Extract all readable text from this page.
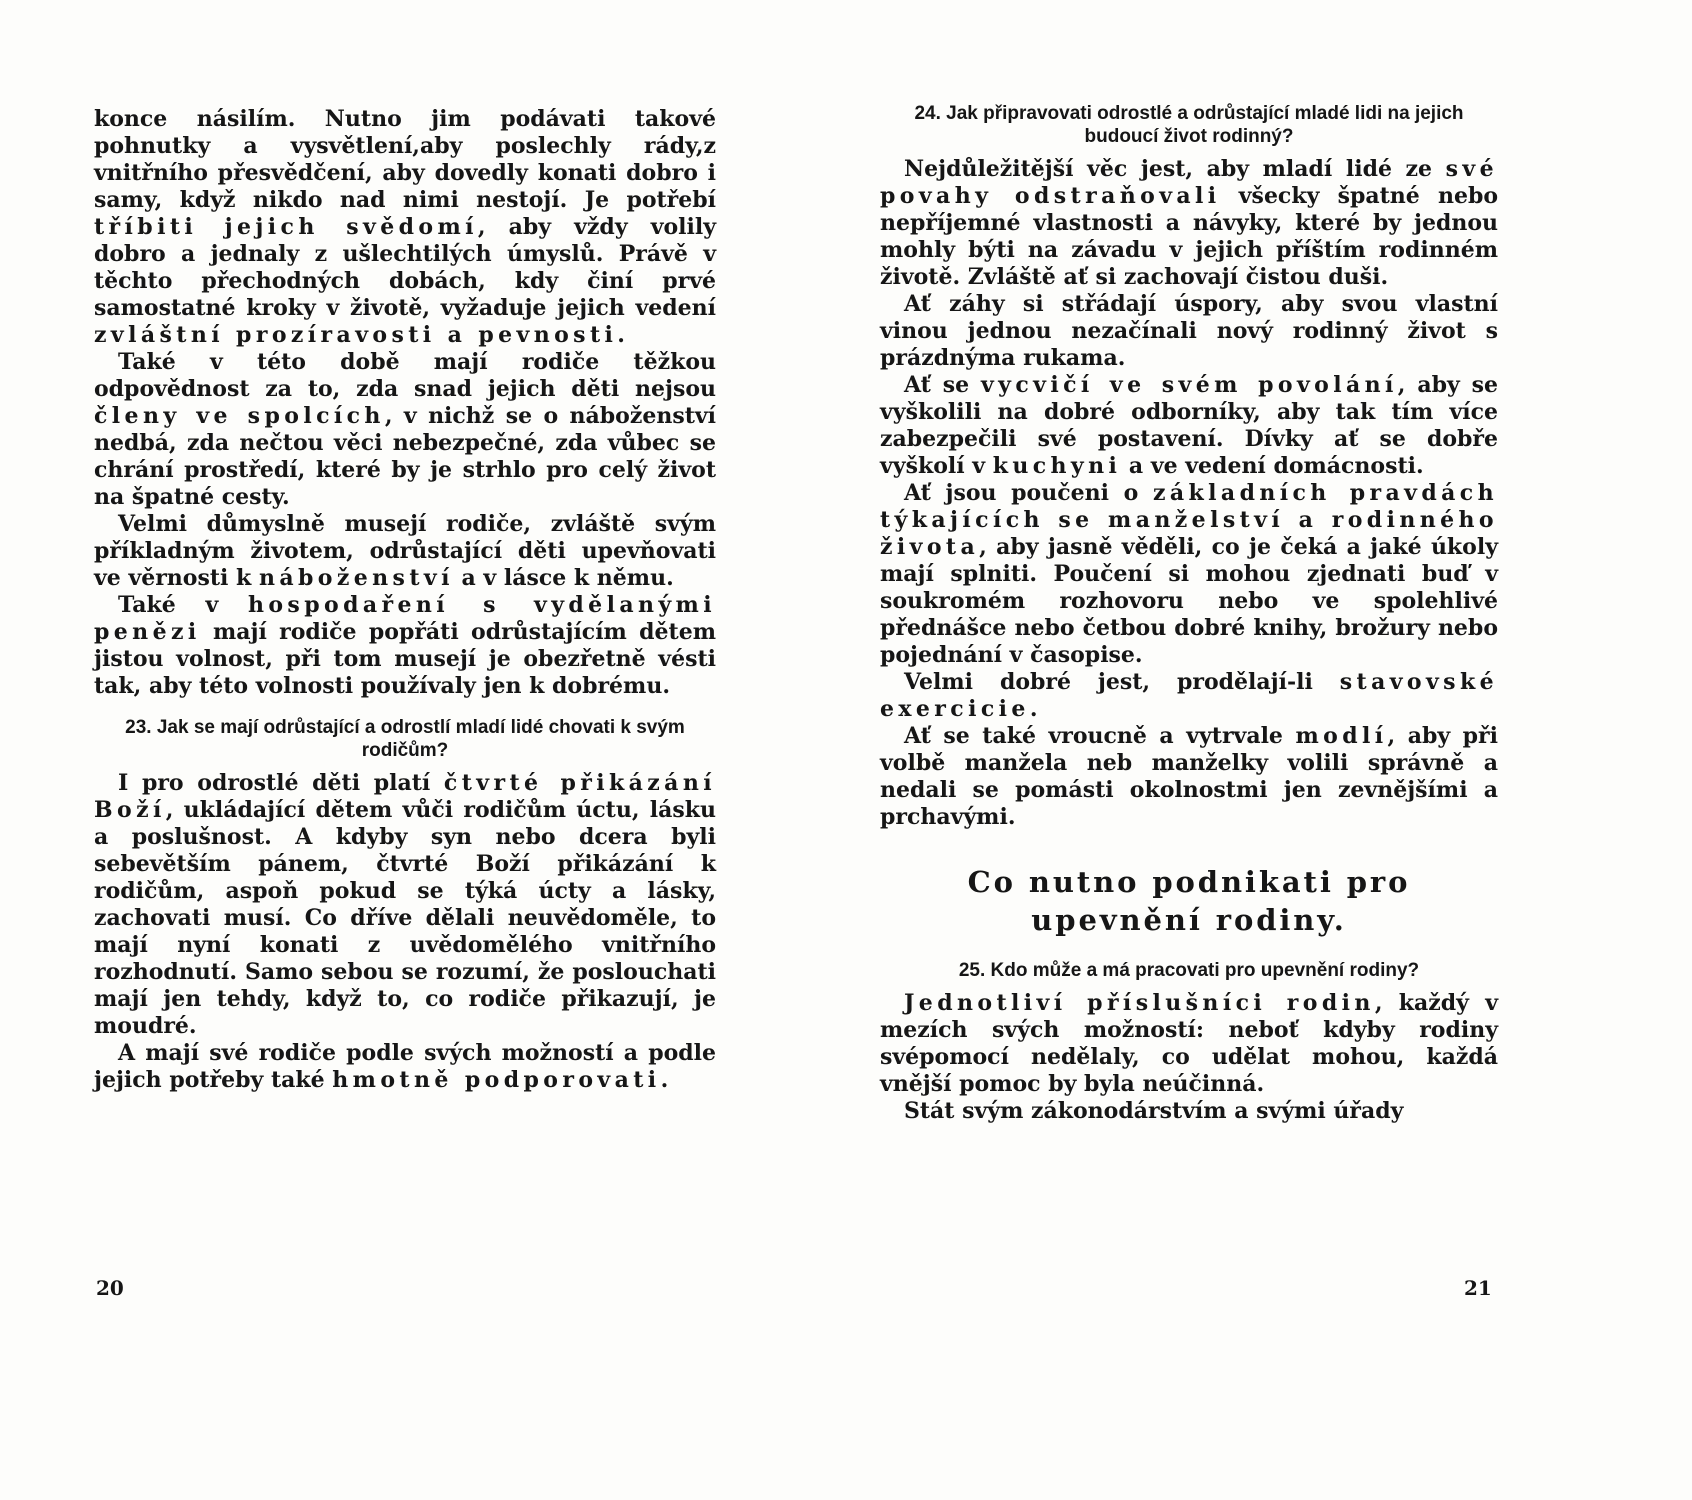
konce násilím. Nutno jim podávati takové pohnutky a vysvětlení,aby poslechly rády,z vnitřního přesvědčení, aby dovedly konati dobro i samy, když nikdo nad nimi nestojí. Je potřebí tříbiti jejich svědomí, aby vždy volily dobro a jednaly z ušlechtilých úmyslů. Právě v těchto přechodných dobách, kdy činí prvé samostatné kroky v životě, vyžaduje jejich vedení zvláštní prozíravosti a pevnosti.

Také v této době mají rodiče těžkou odpovědnost za to, zda snad jejich děti nejsou členy ve spolcích, v nichž se o náboženství nedbá, zda nečtou věci nebezpečné, zda vůbec se chrání prostředí, které by je strhlo pro celý život na špatné cesty.

Velmi důmyslně musejí rodiče, zvláště svým příkladným životem, odrůstající děti upevňovati ve věrnosti k náboženství a v lásce k němu.

Také v hospodaření s vydělanými penězi mají rodiče popřáti odrůstajícím dětem jistou volnost, při tom musejí je obezřetně vésti tak, aby této volnosti používaly jen k dobrému.

23. Jak se mají odrůstající a odrostlí mladí lidé chovati k svým rodičům?

I pro odrostlé děti platí čtvrté přikázání Boží, ukládající dětem vůči rodičům úctu, lásku a poslušnost. A kdyby syn nebo dcera byli sebevětším pánem, čtvrté Boží přikázání k rodičům, aspoň pokud se týká úcty a lásky, zachovati musí. Co dříve dělali neuvědoměle, to mají nyní konati z uvědomělého vnitřního rozhodnutí. Samo sebou se rozumí, že poslouchati mají jen tehdy, když to, co rodiče přikazují, je moudré.

A mají své rodiče podle svých možností a podle jejich potřeby také hmotně podporovati.

24. Jak připravovati odrostlé a odrůstající mladé lidi na jejich budoucí život rodinný?

Nejdůležitější věc jest, aby mladí lidé ze své povahy odstraňovali všecky špatné nebo nepříjemné vlastnosti a návyky, které by jednou mohly býti na závadu v jejich příštím rodinném životě. Zvláště ať si zachovají čistou duši.

Ať záhy si střádají úspory, aby svou vlastní vinou jednou nezačínali nový rodinný život s prázdnýma rukama.

Ať se vycvičí ve svém povolání, aby se vyškolili na dobré odborníky, aby tak tím více zabezpečili své postavení. Dívky ať se dobře vyškolí v kuchyni a ve vedení domácnosti.

Ať jsou poučeni o základních pravdách týkajících se manželství a rodinného života, aby jasně věděli, co je čeká a jaké úkoly mají splniti. Poučení si mohou zjednati buď v soukromém rozhovoru nebo ve spolehlivé přednášce nebo četbou dobré knihy, brožury nebo pojednání v časopise.

Velmi dobré jest, prodělají-li stavovské exercicie.

Ať se také vroucně a vytrvale modlí, aby při volbě manžela neb manželky volili správně a nedali se pomásti okolnostmi jen zevnějšími a prchavými.

Co nutno podnikati pro upevnění rodiny.
25. Kdo může a má pracovati pro upevnění rodiny?

Jednotliví příslušníci rodin, každý v mezích svých možností: neboť kdyby rodiny svépomocí nedělaly, co udělat mohou, každá vnější pomoc by byla neúčinná.

Stát svým zákonodárstvím a svými úřady

20	21
